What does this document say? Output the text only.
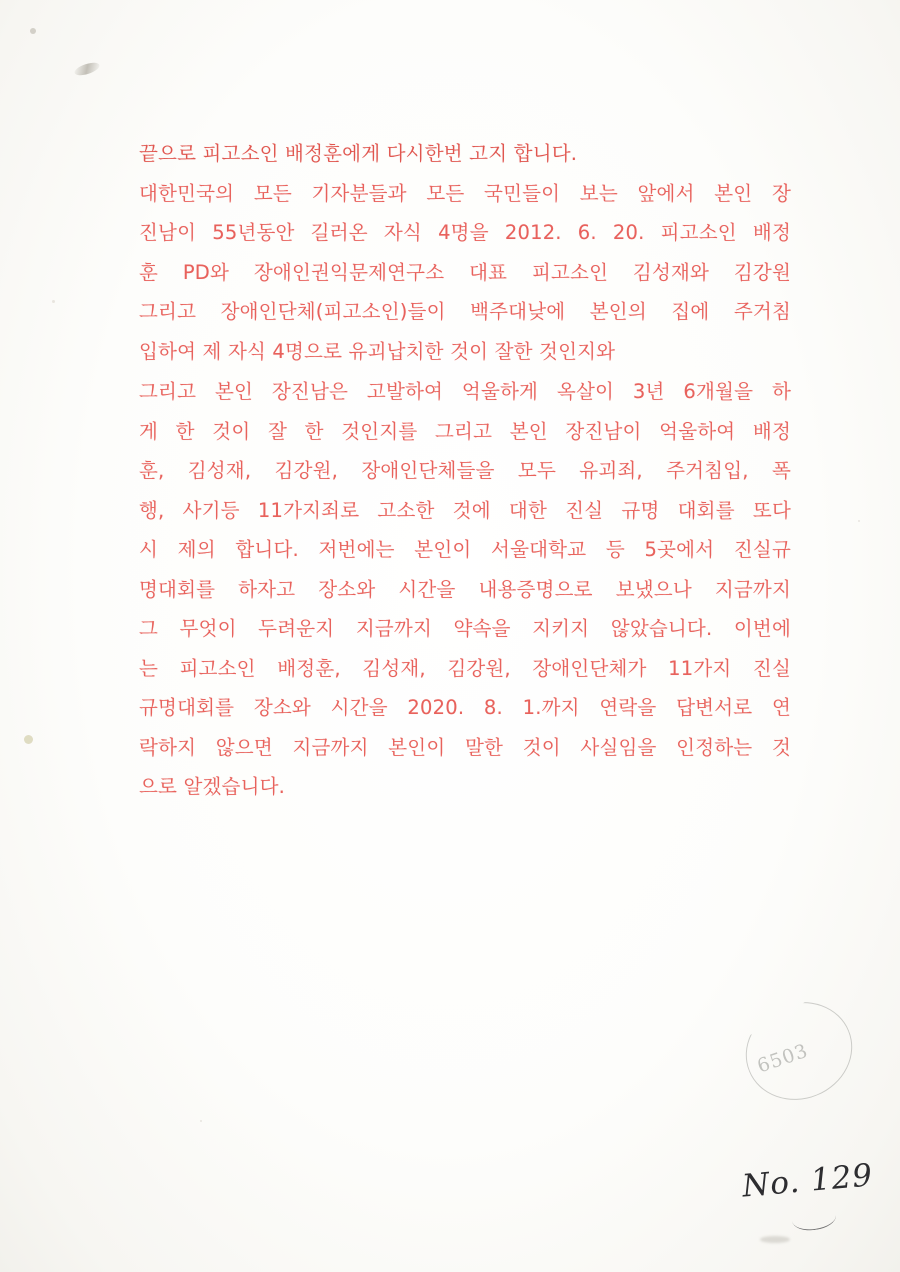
끝으로 피고소인 배정훈에게 다시한번 고지 합니다.
대한민국의 모든 기자분들과 모든 국민들이 보는 앞에서 본인 장
진남이 55년동안 길러온 자식 4명을 2012. 6. 20. 피고소인 배정
훈 PD와 장애인권익문제연구소 대표 피고소인 김성재와 김강원
그리고 장애인단체(피고소인)들이 백주대낮에 본인의 집에 주거침
입하여 제 자식 4명으로 유괴납치한 것이 잘한 것인지와
그리고 본인 장진남은 고발하여 억울하게 옥살이 3년 6개월을 하
게 한 것이 잘 한 것인지를 그리고 본인 장진남이 억울하여 배정
훈, 김성재, 김강원, 장애인단체들을 모두 유괴죄, 주거침입, 폭
행, 사기등 11가지죄로 고소한 것에 대한 진실 규명 대회를 또다
시 제의 합니다. 저번에는 본인이 서울대학교 등 5곳에서 진실규
명대회를 하자고 장소와 시간을 내용증명으로 보냈으나 지금까지
그 무엇이 두려운지 지금까지 약속을 지키지 않았습니다. 이번에
는 피고소인 배정훈, 김성재, 김강원, 장애인단체가 11가지 진실
규명대회를 장소와 시간을 2020. 8. 1.까지 연락을 답변서로 연
락하지 않으면 지금까지 본인이 말한 것이 사실임을 인정하는 것
으로 알겠습니다.
6503
No. 129
